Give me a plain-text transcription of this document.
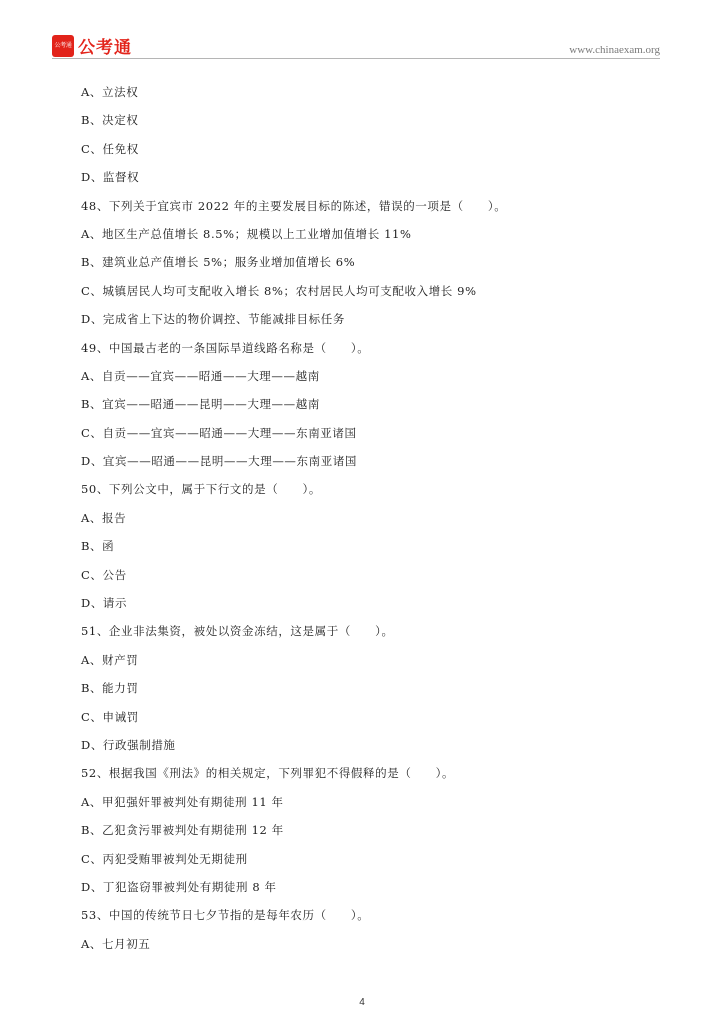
公考通 公考通	www.chinaexam.org
A、立法权
B、决定权
C、任免权
D、监督权
48、下列关于宜宾市 2022 年的主要发展目标的陈述，错误的一项是（　　）。
A、地区生产总值增长 8.5%；规模以上工业增加值增长 11%
B、建筑业总产值增长 5%；服务业增加值增长 6%
C、城镇居民人均可支配收入增长 8%；农村居民人均可支配收入增长 9%
D、完成省上下达的物价调控、节能减排目标任务
49、中国最古老的一条国际旱道线路名称是（　　）。
A、自贡——宜宾——昭通——大理——越南
B、宜宾——昭通——昆明——大理——越南
C、自贡——宜宾——昭通——大理——东南亚诸国
D、宜宾——昭通——昆明——大理——东南亚诸国
50、下列公文中，属于下行文的是（　　）。
A、报告
B、函
C、公告
D、请示
51、企业非法集资，被处以资金冻结，这是属于（　　）。
A、财产罚
B、能力罚
C、申诫罚
D、行政强制措施
52、根据我国《刑法》的相关规定，下列罪犯不得假释的是（　　）。
A、甲犯强奸罪被判处有期徒刑 11 年
B、乙犯贪污罪被判处有期徒刑 12 年
C、丙犯受贿罪被判处无期徒刑
D、丁犯盗窃罪被判处有期徒刑 8 年
53、中国的传统节日七夕节指的是每年农历（　　）。
A、七月初五
4
